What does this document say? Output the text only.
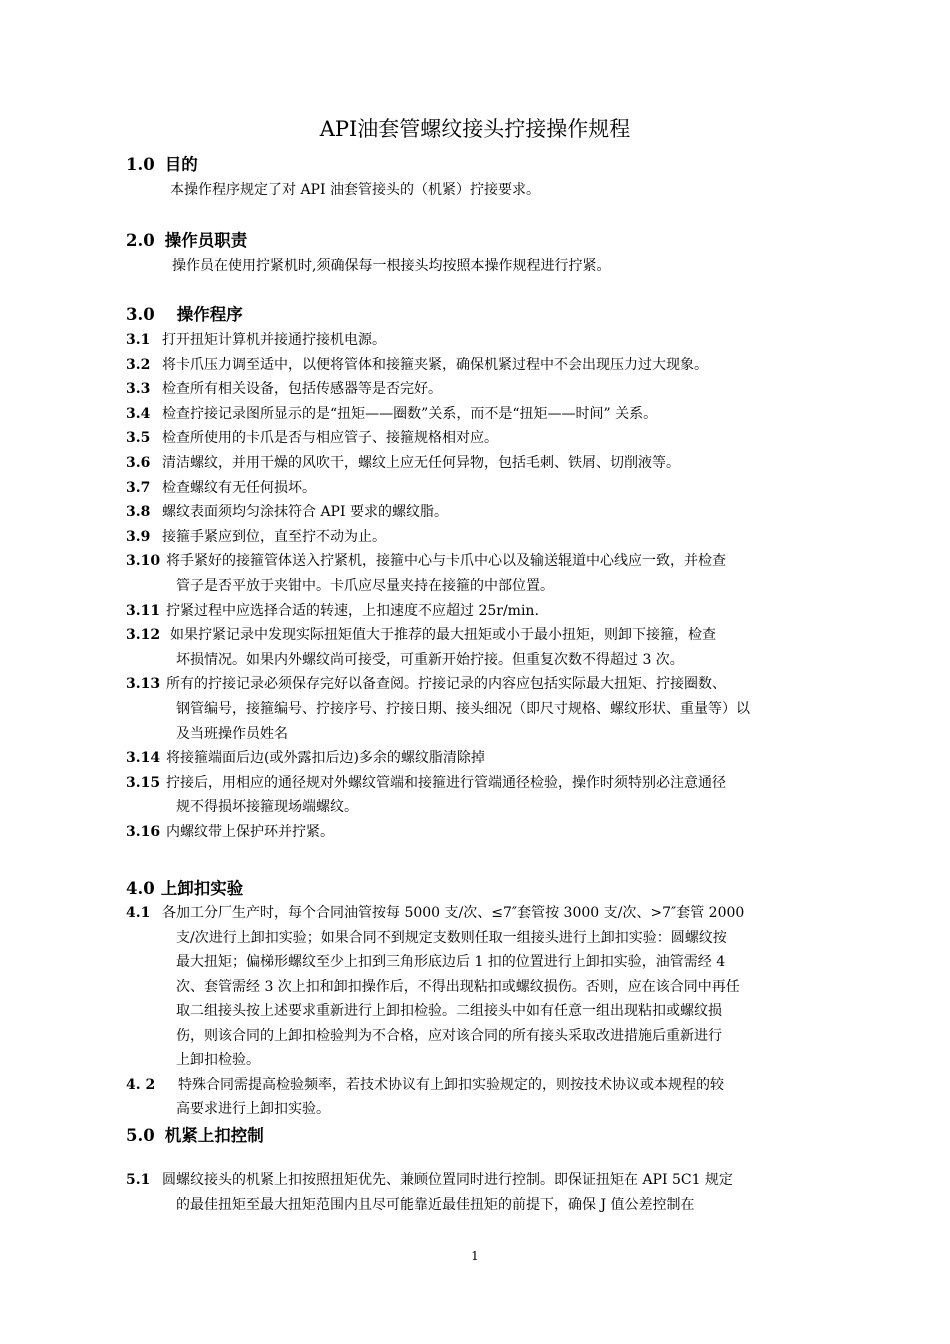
API油套管螺纹接头拧接操作规程
1.0 目的
本操作程序规定了对 API 油套管接头的（机紧）拧接要求。
2.0 操作员职责
操作员在使用拧紧机时,须确保每一根接头均按照本操作规程进行拧紧。
3.0 操作程序
3.1 打开扭矩计算机并接通拧接机电源。
3.2 将卡爪压力调至适中，以便将管体和接箍夹紧，确保机紧过程中不会出现压力过大现象。
3.3 检查所有相关设备，包括传感器等是否完好。
3.4 检查拧接记录图所显示的是“扭矩——圈数”关系，而不是“扭矩——时间” 关系。
3.5 检查所使用的卡爪是否与相应管子、接箍规格相对应。
3.6 清洁螺纹，并用干燥的风吹干，螺纹上应无任何异物，包括毛刺、铁屑、切削液等。
3.7 检查螺纹有无任何损坏。
3.8 螺纹表面须均匀涂抹符合 API 要求的螺纹脂。
3.9 接箍手紧应到位，直至拧不动为止。
3.10 将手紧好的接箍管体送入拧紧机，接箍中心与卡爪中心以及输送辊道中心线应一致，并检查
管子是否平放于夹钳中。卡爪应尽量夹持在接箍的中部位置。
3.11 拧紧过程中应选择合适的转速，上扣速度不应超过 25r/min.
3.12 如果拧紧记录中发现实际扭矩值大于推荐的最大扭矩或小于最小扭矩，则卸下接箍，检查
坏损情况。如果内外螺纹尚可接受，可重新开始拧接。但重复次数不得超过 3 次。
3.13 所有的拧接记录必须保存完好以备查阅。拧接记录的内容应包括实际最大扭矩、拧接圈数、
钢管编号，接箍编号、拧接序号、拧接日期、接头细况（即尺寸规格、螺纹形状、重量等）以
及当班操作员姓名
3.14 将接箍端面后边(或外露扣后边)多余的螺纹脂清除掉
3.15 拧接后，用相应的通径规对外螺纹管端和接箍进行管端通径检验，操作时须特别必注意通径
规不得损坏接箍现场端螺纹。
3.16 内螺纹带上保护环并拧紧。
4.0 上卸扣实验
4.1 各加工分厂生产时，每个合同油管按每 5000 支/次、≤7″套管按 3000 支/次、>7″套管 2000
支/次进行上卸扣实验；如果合同不到规定支数则任取一组接头进行上卸扣实验：圆螺纹按
最大扭矩；偏梯形螺纹至少上扣到三角形底边后 1 扣的位置进行上卸扣实验，油管需经 4
次、套管需经 3 次上扣和卸扣操作后，不得出现粘扣或螺纹损伤。否则，应在该合同中再任
取二组接头按上述要求重新进行上卸扣检验。二组接头中如有任意一组出现粘扣或螺纹损
伤，则该合同的上卸扣检验判为不合格，应对该合同的所有接头采取改进措施后重新进行
上卸扣检验。
4. 2	特殊合同需提高检验频率，若技术协议有上卸扣实验规定的，则按技术协议或本规程的较
高要求进行上卸扣实验。
5.0 机紧上扣控制
5.1 圆螺纹接头的机紧上扣按照扭矩优先、兼顾位置同时进行控制。即保证扭矩在 API 5C1 规定
的最佳扭矩至最大扭矩范围内且尽可能靠近最佳扭矩的前提下，确保 J 值公差控制在
1
